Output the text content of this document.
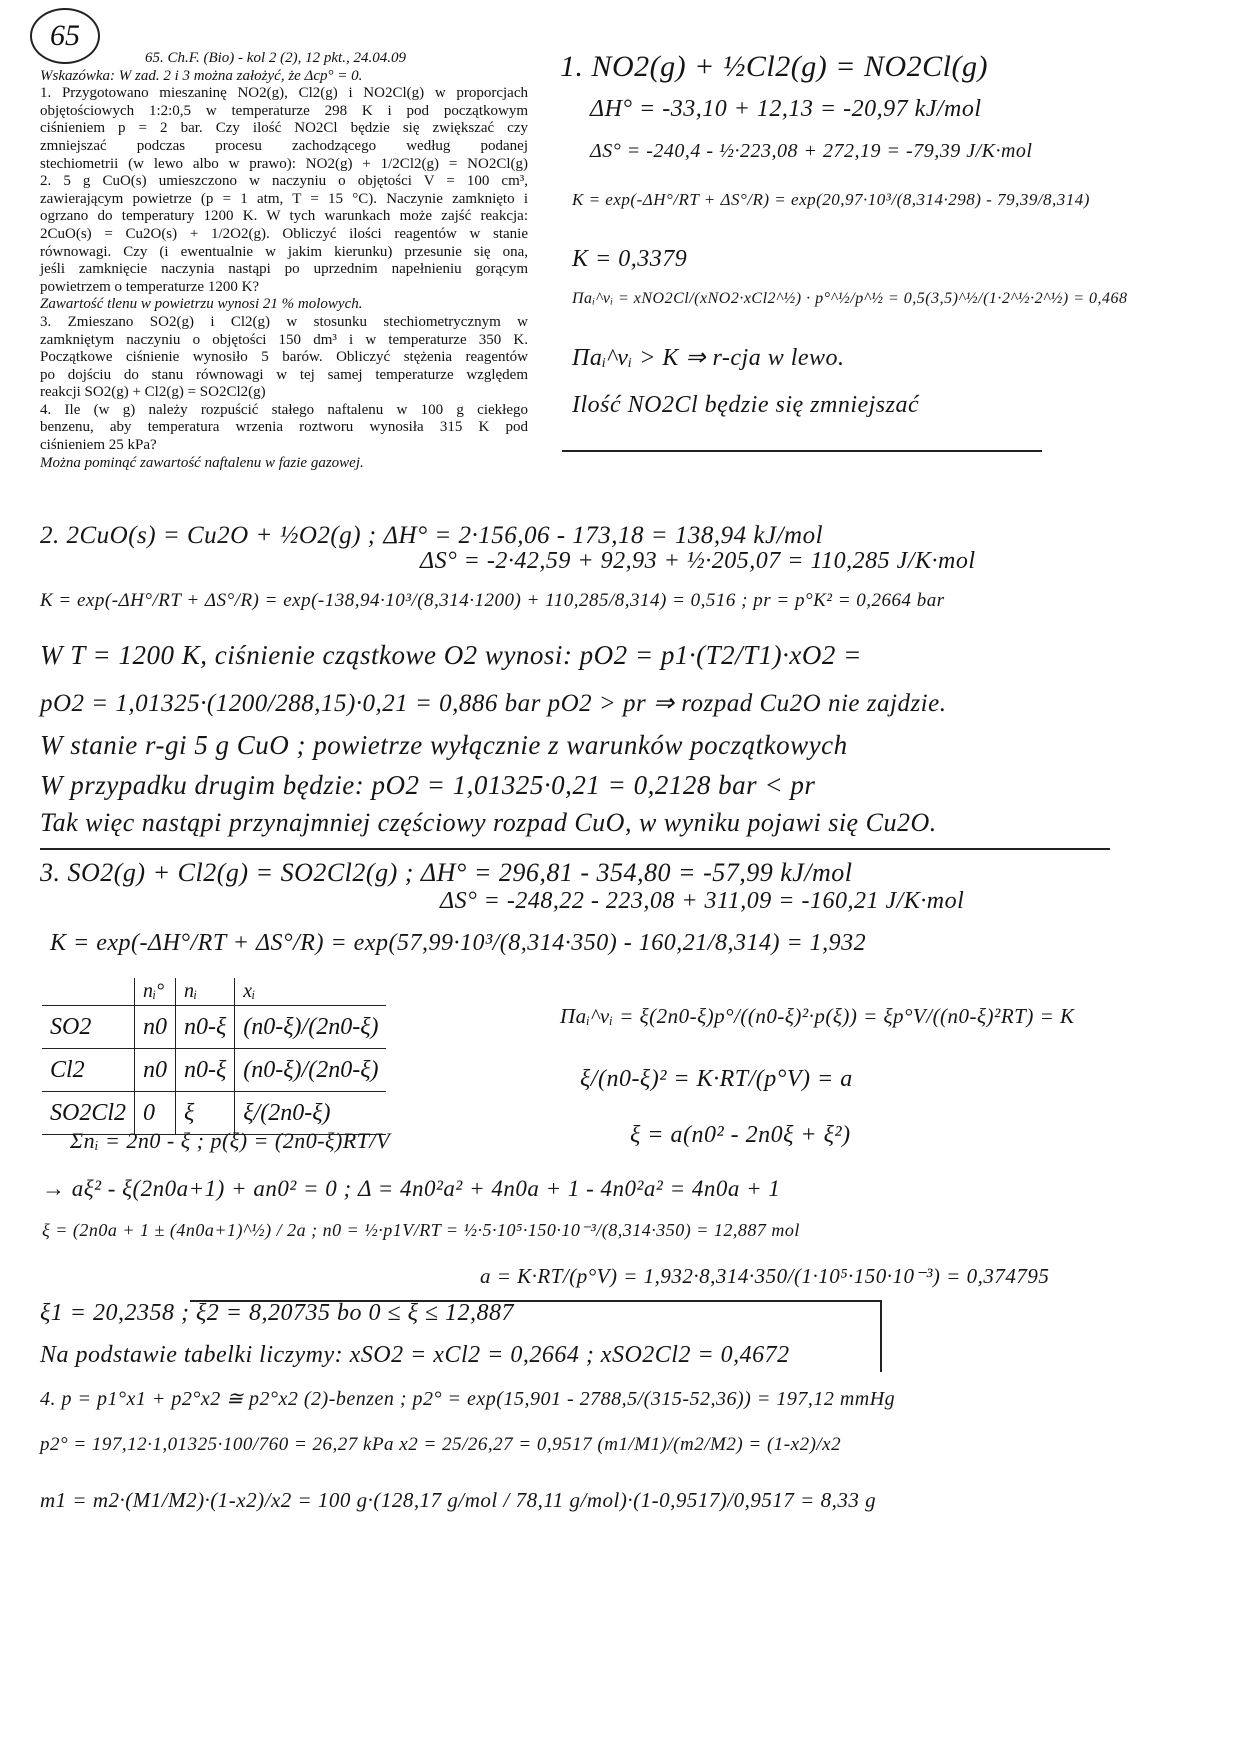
65
65. Ch.F. (Bio) - kol 2 (2), 12 pkt., 24.04.09
Wskazówka: W zad. 2 i 3 można założyć, że Δcp° = 0.
1. Przygotowano mieszaninę NO2(g), Cl2(g) i NO2Cl(g) w proporcjach
objętościowych 1:2:0,5 w temperaturze 298 K i pod początkowym
ciśnieniem p = 2 bar. Czy ilość NO2Cl będzie się zwiększać czy
zmniejszać podczas procesu zachodzącego według podanej
stechiometrii (w lewo albo w prawo): NO2(g) + 1/2Cl2(g) = NO2Cl(g)
2. 5 g CuO(s) umieszczono w naczyniu o objętości V = 100 cm³,
zawierającym powietrze (p = 1 atm, T = 15 °C). Naczynie zamknięto i
ogrzano do temperatury 1200 K. W tych warunkach może zajść reakcja:
2CuO(s) = Cu2O(s) + 1/2O2(g). Obliczyć ilości reagentów w stanie
równowagi. Czy (i ewentualnie w jakim kierunku) przesunie się ona,
jeśli zamknięcie naczynia nastąpi po uprzednim napełnieniu gorącym
powietrzem o temperaturze 1200 K?
Zawartość tlenu w powietrzu wynosi 21 % molowych.
3. Zmieszano SO2(g) i Cl2(g) w stosunku stechiometrycznym w
zamkniętym naczyniu o objętości 150 dm³ i w temperaturze 350 K.
Początkowe ciśnienie wynosiło 5 barów. Obliczyć stężenia reagentów
po dojściu do stanu równowagi w tej samej temperaturze względem
reakcji SO2(g) + Cl2(g) = SO2Cl2(g)
4. Ile (w g) należy rozpuścić stałego naftalenu w 100 g ciekłego
benzenu, aby temperatura wrzenia roztworu wynosiła 315 K pod
ciśnieniem 25 kPa?
Można pominąć zawartość naftalenu w fazie gazowej.
1. NO2(g) + ½Cl2(g) = NO2Cl(g)
ΔH° = -33,10 + 12,13 = -20,97 kJ/mol
ΔS° = -240,4 - ½·223,08 + 272,19 = -79,39 J/K·mol
K = exp(-ΔH°/RT + ΔS°/R) = exp(20,97·10³/(8,314·298) - 79,39/8,314)
K = 0,3379
Πaᵢ^νᵢ = xNO2Cl/(xNO2·xCl2^½) · p°^½/p^½ = 0,5(3,5)^½/(1·2^½·2^½) = 0,468
Πaᵢ^νᵢ > K ⇒ r-cja w lewo.
Ilość NO2Cl będzie się zmniejszać
2. 2CuO(s) = Cu2O + ½O2(g) ; ΔH° = 2·156,06 - 173,18 = 138,94 kJ/mol
ΔS° = -2·42,59 + 92,93 + ½·205,07 = 110,285 J/K·mol
K = exp(-ΔH°/RT + ΔS°/R) = exp(-138,94·10³/(8,314·1200) + 110,285/8,314) = 0,516 ; pr = p°K² = 0,2664 bar
W T = 1200 K, ciśnienie cząstkowe O2 wynosi: pO2 = p1·(T2/T1)·xO2 =
pO2 = 1,01325·(1200/288,15)·0,21 = 0,886 bar pO2 > pr ⇒ rozpad Cu2O nie zajdzie.
W stanie r-gi 5 g CuO ; powietrze wyłącznie z warunków początkowych
W przypadku drugim będzie: pO2 = 1,01325·0,21 = 0,2128 bar < pr
Tak więc nastąpi przynajmniej częściowy rozpad CuO, w wyniku pojawi się Cu2O.
3. SO2(g) + Cl2(g) = SO2Cl2(g) ; ΔH° = 296,81 - 354,80 = -57,99 kJ/mol
ΔS° = -248,22 - 223,08 + 311,09 = -160,21 J/K·mol
K = exp(-ΔH°/RT + ΔS°/R) = exp(57,99·10³/(8,314·350) - 160,21/8,314) = 1,932
	nᵢ°	nᵢ	xᵢ
SO2	n0	n0-ξ	(n0-ξ)/(2n0-ξ)
Cl2	n0	n0-ξ	(n0-ξ)/(2n0-ξ)
SO2Cl2	0	ξ	ξ/(2n0-ξ)
Πaᵢ^νᵢ = ξ(2n0-ξ)p°/((n0-ξ)²·p(ξ)) = ξp°V/((n0-ξ)²RT) = K
ξ/(n0-ξ)² = K·RT/(p°V) = a
ξ = a(n0² - 2n0ξ + ξ²)
Σnᵢ = 2n0 - ξ ; p(ξ) = (2n0-ξ)RT/V
→ aξ² - ξ(2n0a+1) + an0² = 0 ; Δ = 4n0²a² + 4n0a + 1 - 4n0²a² = 4n0a + 1
ξ = (2n0a + 1 ± (4n0a+1)^½) / 2a ; n0 = ½·p1V/RT = ½·5·10⁵·150·10⁻³/(8,314·350) = 12,887 mol
a = K·RT/(p°V) = 1,932·8,314·350/(1·10⁵·150·10⁻³) = 0,374795
ξ1 = 20,2358 ; ξ2 = 8,20735 bo 0 ≤ ξ ≤ 12,887
Na podstawie tabelki liczymy: xSO2 = xCl2 = 0,2664 ; xSO2Cl2 = 0,4672
4. p = p1°x1 + p2°x2 ≅ p2°x2 (2)-benzen ; p2° = exp(15,901 - 2788,5/(315-52,36)) = 197,12 mmHg
p2° = 197,12·1,01325·100/760 = 26,27 kPa x2 = 25/26,27 = 0,9517 (m1/M1)/(m2/M2) = (1-x2)/x2
m1 = m2·(M1/M2)·(1-x2)/x2 = 100 g·(128,17 g/mol / 78,11 g/mol)·(1-0,9517)/0,9517 = 8,33 g
